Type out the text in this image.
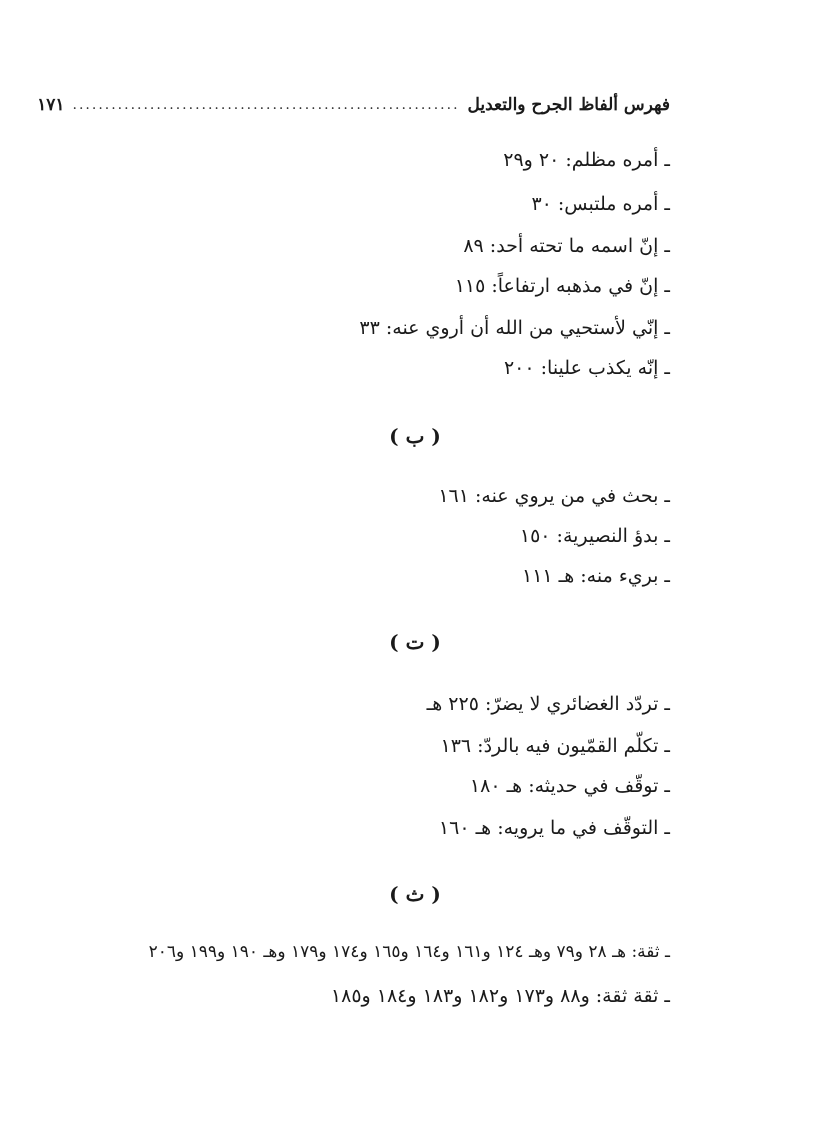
فهرس ألفاظ الجرح والتعديل
............................................................
١٧١
ـ أمره مظلم: ٢٠ و٢٩
ـ أمره ملتبس: ٣٠
ـ إنّ اسمه ما تحته أحد: ٨٩
ـ إنّ في مذهبه ارتفاعاً: ١١٥
ـ إنّي لأستحيي من الله أن أروي عنه: ٣٣
ـ إنّه يكذب علينا: ٢٠٠
( ب )
ـ بحث في من يروي عنه: ١٦١
ـ بدؤ النصيرية: ١٥٠
ـ بريء منه: هـ ١١١
( ت )
ـ تردّد الغضائري لا يضرّ: ٢٢٥ هـ
ـ تكلّم القمّيون فيه بالردّ: ١٣٦
ـ توقّف في حديثه: هـ ١٨٠
ـ التوقّف في ما يرويه: هـ ١٦٠
( ث )
ـ ثقة: هـ ٢٨ و٧٩ وهـ ١٢٤ و١٦١ و١٦٤ و١٦٥ و١٧٤ و١٧٩ وهـ ١٩٠ و١٩٩ و٢٠٦
ـ ثقة ثقة: و٨٨ و١٧٣ و١٨٢ و١٨٣ و١٨٤ و١٨٥
